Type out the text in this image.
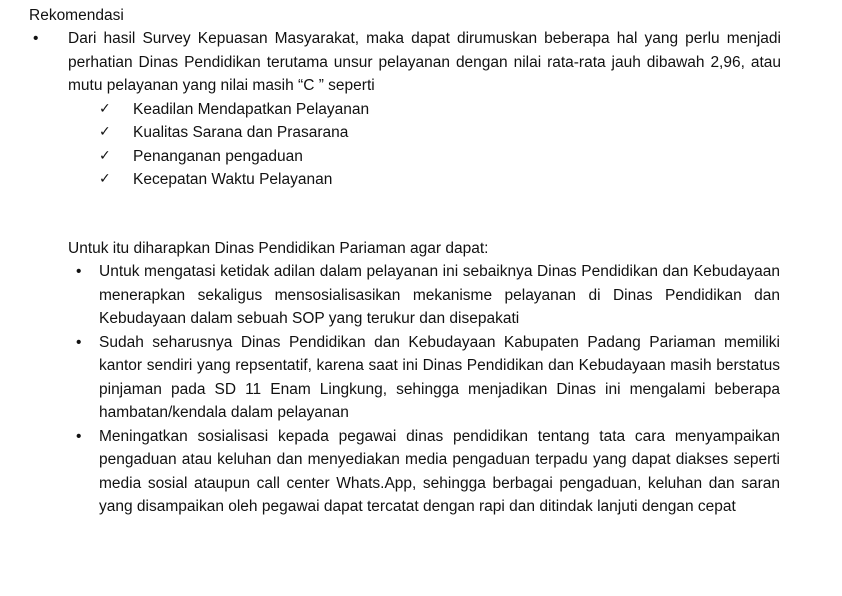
Rekomendasi
•	Dari hasil Survey Kepuasan Masyarakat, maka dapat dirumuskan beberapa hal yang perlu menjadi perhatian Dinas Pendidikan terutama unsur pelayanan dengan nilai rata-rata jauh dibawah 2,96, atau mutu pelayanan yang nilai masih “C ” seperti
✓ Keadilan Mendapatkan Pelayanan
✓ Kualitas Sarana dan Prasarana
✓ Penanganan pengaduan
✓ Kecepatan Waktu Pelayanan
Untuk itu diharapkan Dinas Pendidikan Pariaman agar dapat:
• Untuk mengatasi ketidak adilan dalam pelayanan ini sebaiknya Dinas Pendidikan dan Kebudayaan menerapkan sekaligus mensosialisasikan mekanisme pelayanan di Dinas Pendidikan dan Kebudayaan dalam sebuah SOP yang terukur dan disepakati
• Sudah seharusnya Dinas Pendidikan dan Kebudayaan Kabupaten Padang Pariaman memiliki kantor sendiri yang repsentatif, karena saat ini Dinas Pendidikan dan Kebudayaan masih berstatus pinjaman pada SD 11 Enam Lingkung, sehingga menjadikan Dinas ini mengalami beberapa hambatan/kendala dalam pelayanan
• Meningatkan sosialisasi kepada pegawai dinas pendidikan tentang tata cara menyampaikan pengaduan atau keluhan dan menyediakan media pengaduan terpadu yang dapat diakses seperti media sosial ataupun call center Whats.App, sehingga berbagai pengaduan, keluhan dan saran yang disampaikan oleh pegawai dapat tercatat dengan rapi dan ditindak lanjuti dengan cepat
